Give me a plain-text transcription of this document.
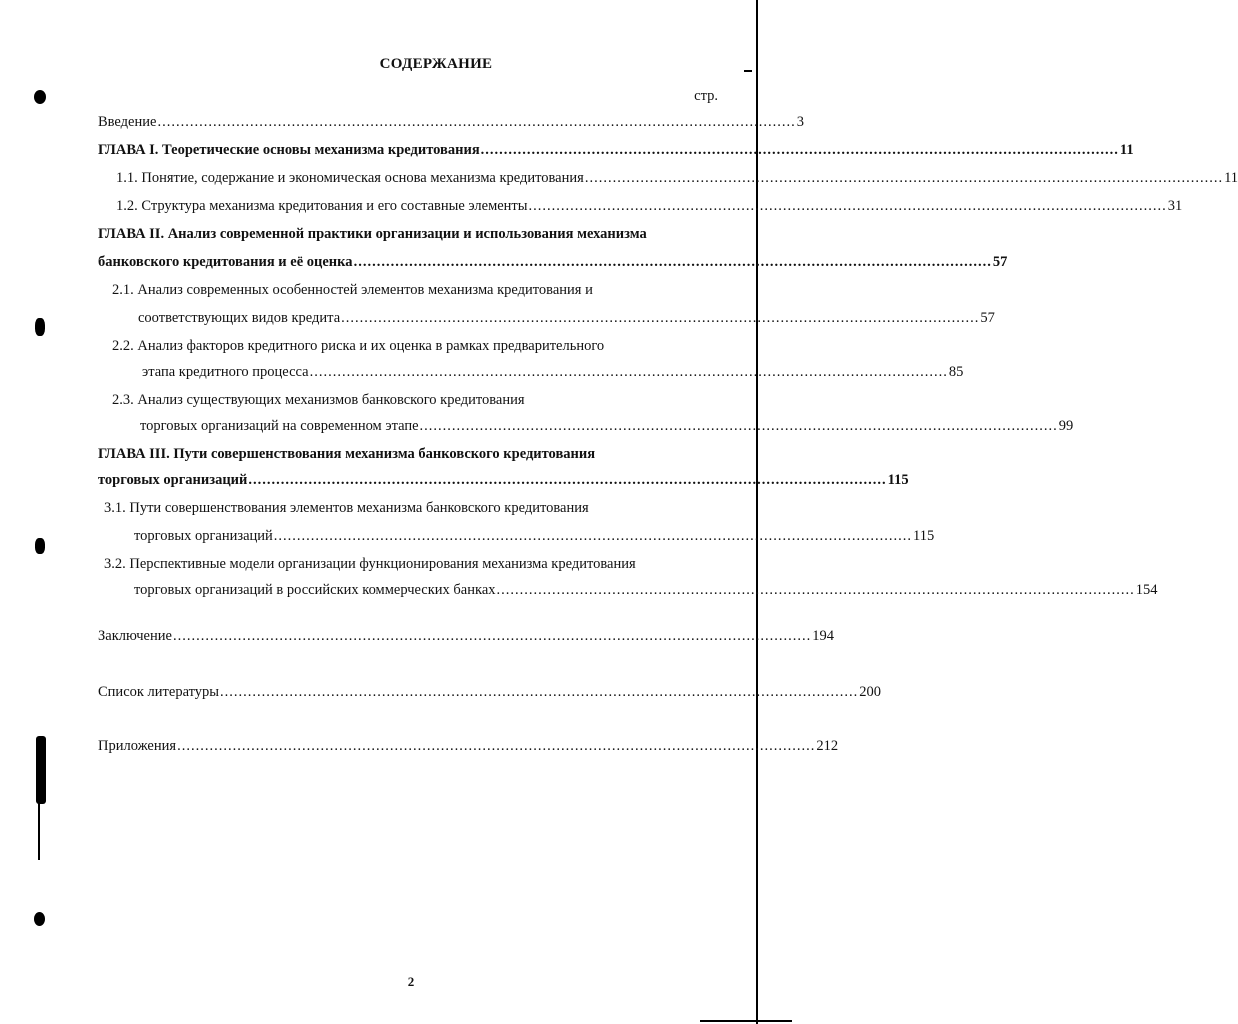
СОДЕРЖАНИЕ
стр.
Введение .......................................................................................................................................... 3
ГЛАВА I. Теоретические основы механизма кредитования .......................................................................................................................................... 11
1.1. Понятие, содержание и экономическая основа механизма кредитования .......................................................................................................................................... 11
1.2. Структура механизма кредитования и его составные элементы .......................................................................................................................................... 31
ГЛАВА II. Анализ современной практики организации и использования механизма
банковского кредитования и её оценка .......................................................................................................................................... 57
2.1. Анализ современных особенностей элементов механизма кредитования и
соответствующих видов кредита .......................................................................................................................................... 57
2.2. Анализ факторов кредитного риска и их оценка в рамках предварительного
этапа кредитного процесса .......................................................................................................................................... 85
2.3. Анализ существующих механизмов банковского кредитования
торговых организаций на современном этапе .......................................................................................................................................... 99
ГЛАВА III. Пути совершенствования механизма банковского кредитования
торговых организаций .......................................................................................................................................... 115
3.1. Пути совершенствования элементов механизма банковского кредитования
торговых организаций .......................................................................................................................................... 115
3.2. Перспективные модели организации функционирования механизма кредитования
торговых организаций в российских коммерческих банках .......................................................................................................................................... 154
Заключение .......................................................................................................................................... 194
Список литературы .......................................................................................................................................... 200
Приложения .......................................................................................................................................... 212
2
